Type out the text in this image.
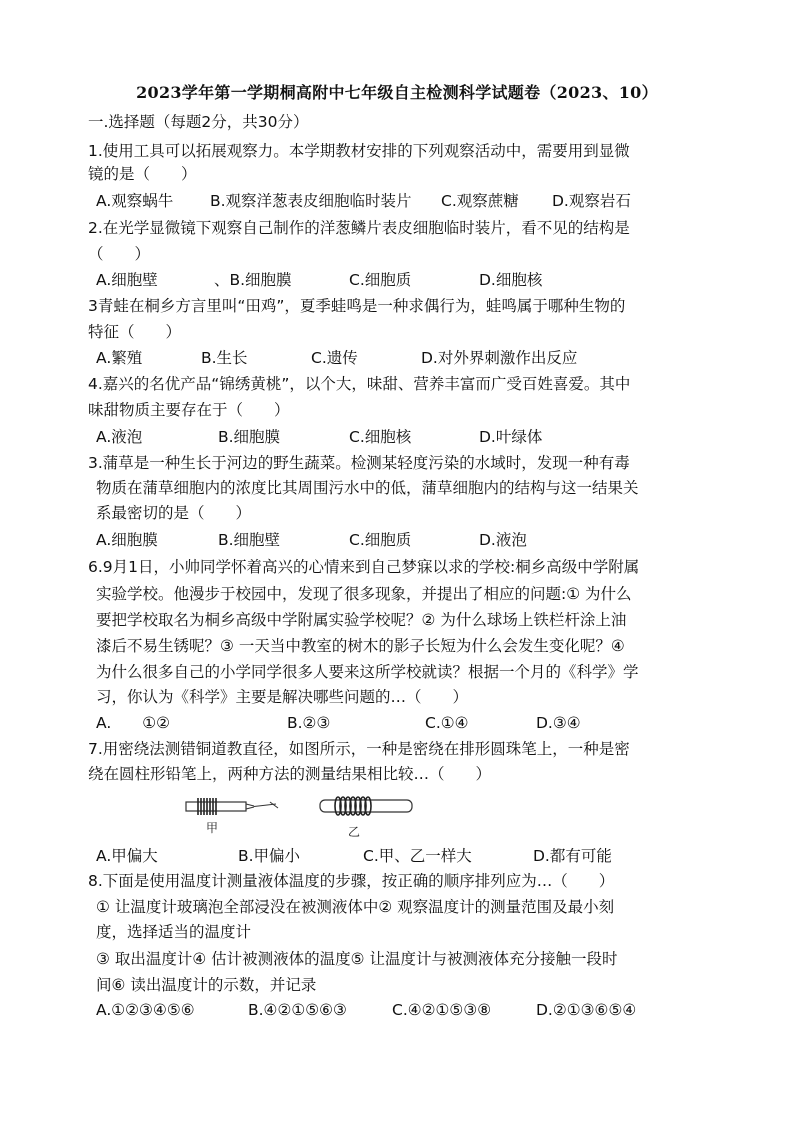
2023学年第一学期桐高附中七年级自主检测科学试题卷（2023、10）
一.选择题（每题2分，共30分）
1.使用工具可以拓展观察力。本学期教材安排的下列观察活动中，需要用到显微
镜的是（　　）
A.观察蜗牛 B.观察洋葱表皮细胞临时装片 C.观察蔗糖 D.观察岩石
2.在光学显微镜下观察自己制作的洋葱鳞片表皮细胞临时装片，看不见的结构是
（　　）
A.细胞壁	、B.细胞膜	C.细胞质	D.细胞核
3青蛙在桐乡方言里叫“田鸡”，夏季蛙鸣是一种求偶行为，蛙鸣属于哪种生物的
特征（　　）
A.繁殖	B.生长	C.遗传	D.对外界刺激作出反应
4.嘉兴的名优产品“锦绣黄桃”，以个大，味甜、营养丰富而广受百姓喜爱。其中
味甜物质主要存在于（　　）
A.液泡	B.细胞膜	C.细胞核	D.叶绿体
3.蒲草是一种生长于河边的野生蔬菜。检测某轻度污染的水域时，发现一种有毒
物质在蒲草细胞内的浓度比其周围污水中的低，蒲草细胞内的结构与这一结果关
系最密切的是（　　）
A.细胞膜	B.细胞壁	C.细胞质	D.液泡
6.9月1日，小帅同学怀着高兴的心情来到自己梦寐以求的学校:桐乡高级中学附属
实验学校。他漫步于校园中，发现了很多现象，并提出了相应的问题:① 为什么
要把学校取名为桐乡高级中学附属实验学校呢？② 为什么球场上铁栏杆涂上油
漆后不易生锈呢？③ 一天当中教室的树木的影子长短为什么会发生变化呢？④
为什么很多自己的小学同学很多人要来这所学校就读？根据一个月的《科学》学
习，你认为《科学》主要是解决哪些问题的…（　　）
A.　　①②	B.②③	C.①④	D.③④
7.用密绕法测错铜道教直径，如图所示，一种是密绕在排形圆珠笔上，一种是密
绕在圆柱形铅笔上，两种方法的测量结果相比较…（　　）
甲	乙
A.甲偏大	B.甲偏小	C.甲、乙一样大	D.都有可能
8.下面是使用温度计测量液体温度的步骤，按正确的顺序排列应为…（　　）
① 让温度计玻璃泡全部浸没在被测液体中② 观察温度计的测量范围及最小刻
度，选择适当的温度计
③ 取出温度计④ 估计被测液体的温度⑤ 让温度计与被测液体充分接触一段时
间⑥ 读出温度计的示数，并记录
A.①②③④⑤⑥	B.④②①⑤⑥③	C.④②①⑤③⑧	D.②①③⑥⑤④
